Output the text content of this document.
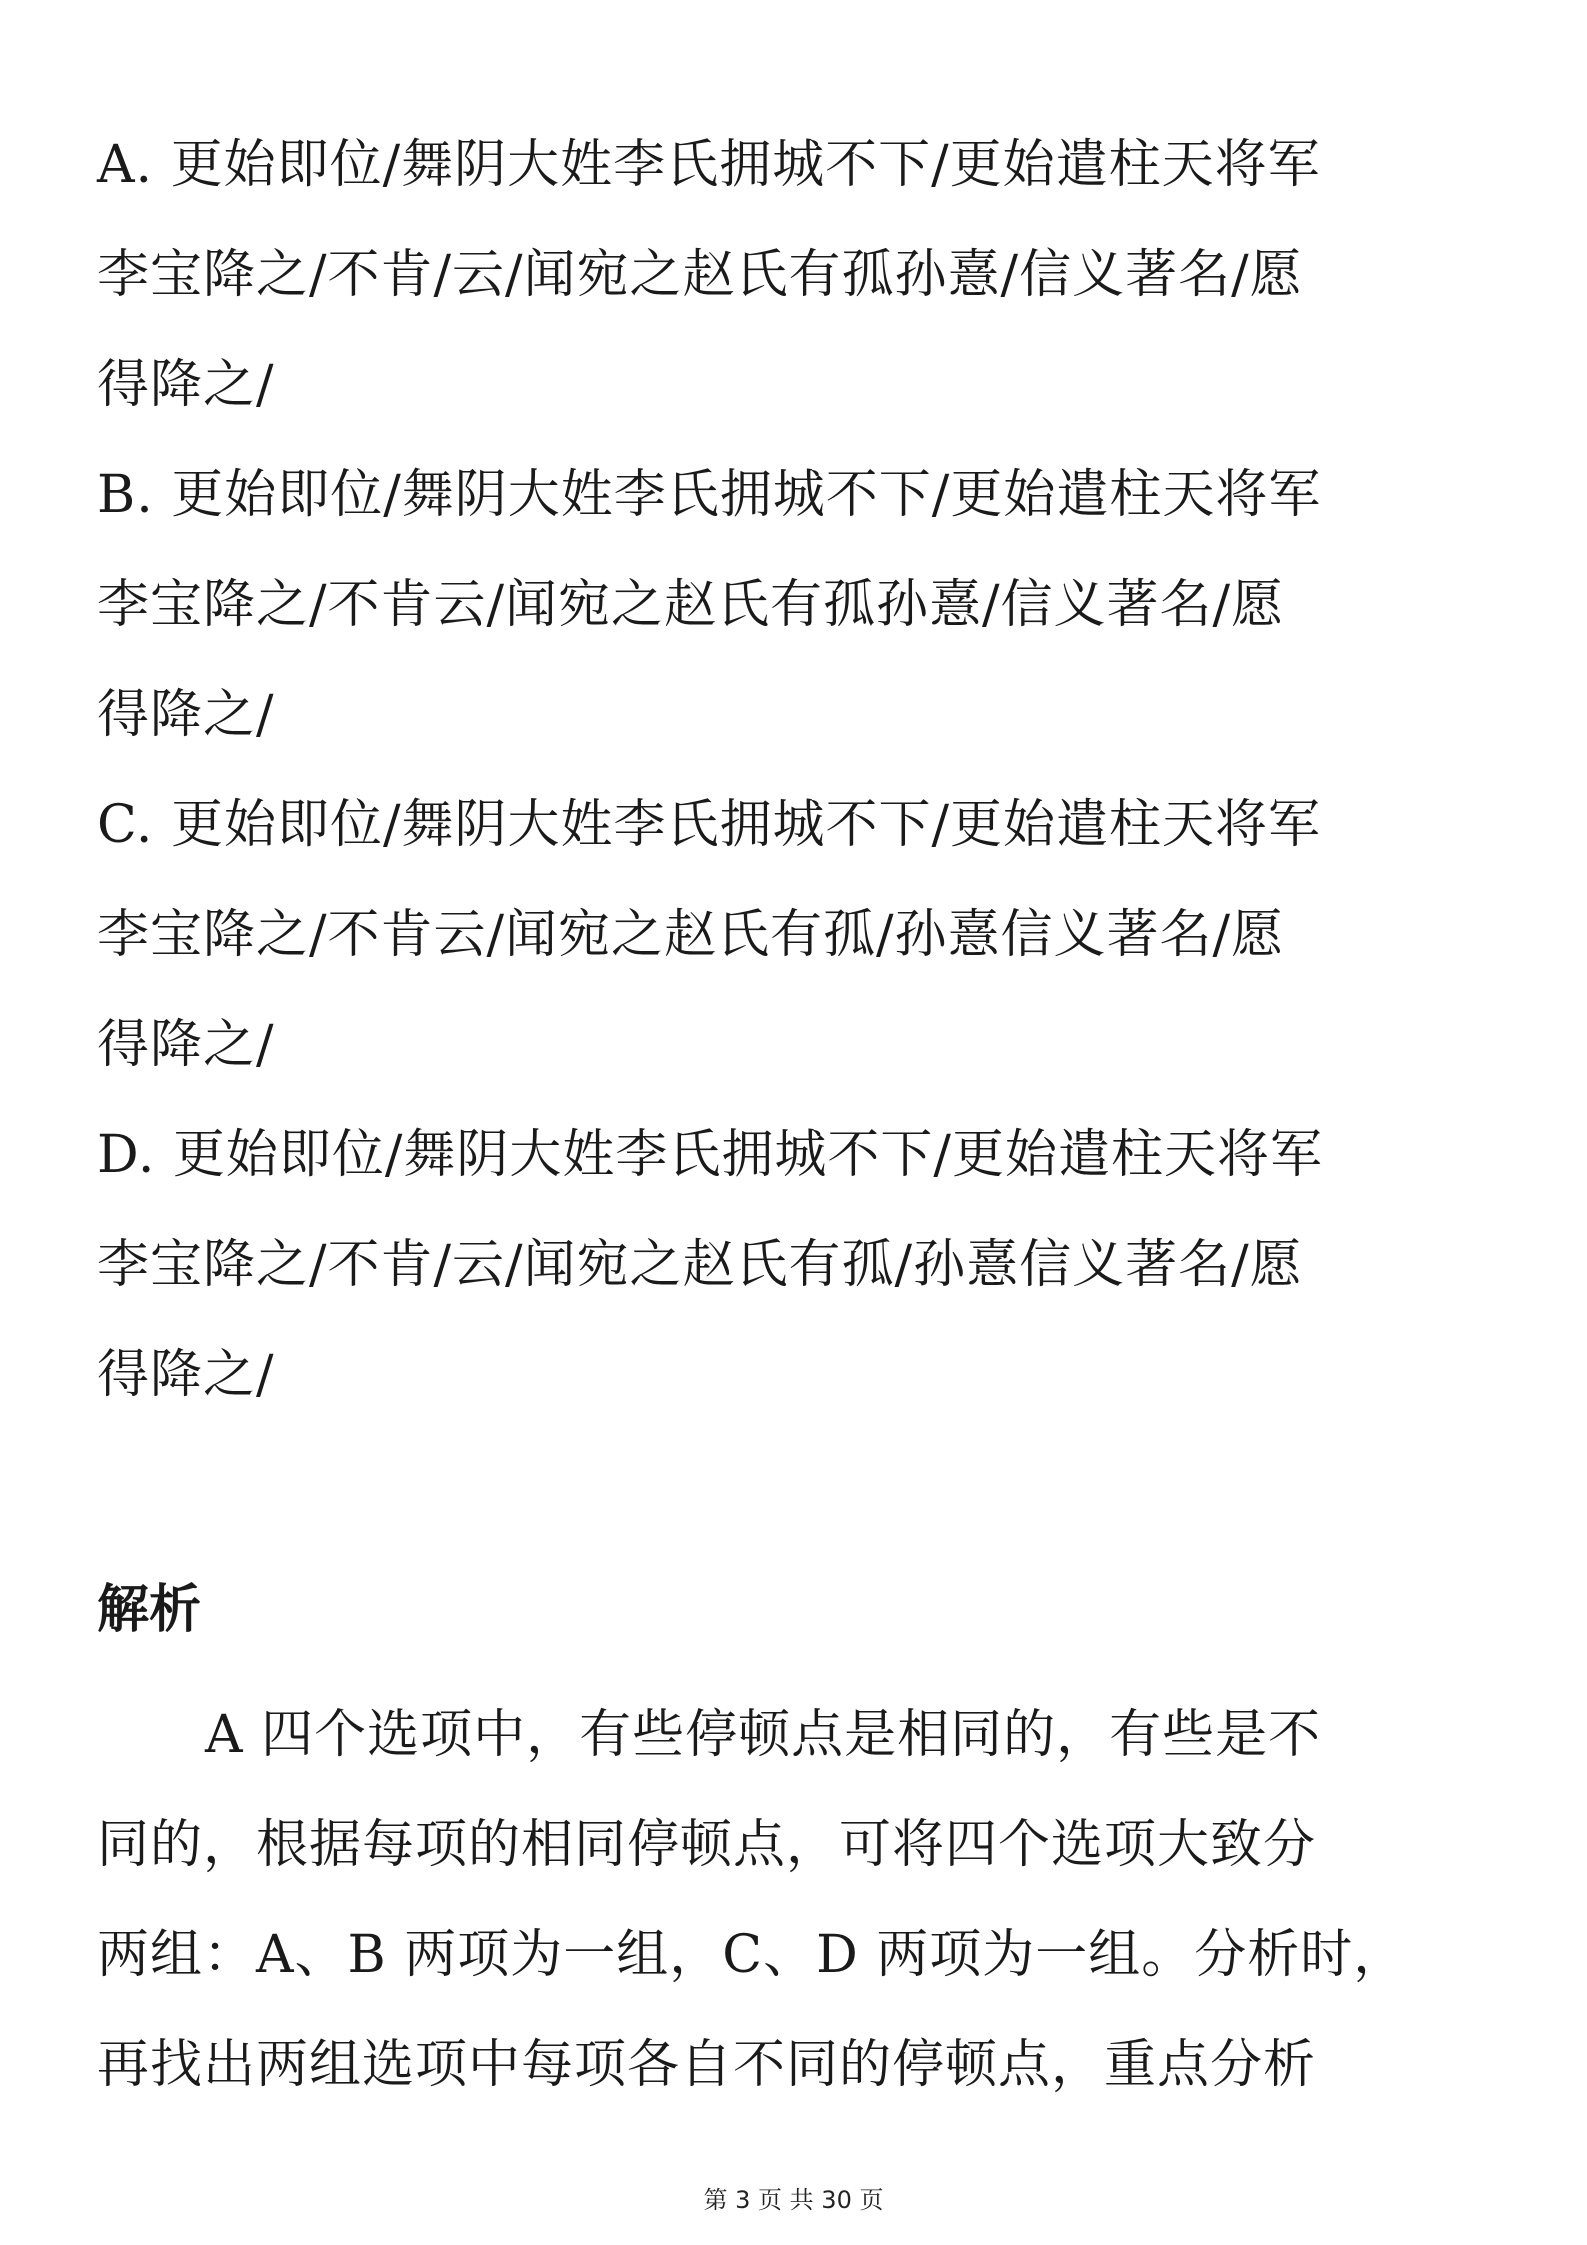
A. 更始即位/舞阴大姓李氏拥城不下/更始遣柱天将军
李宝降之/不肯/云/闻宛之赵氏有孤孙憙/信义著名/愿
得降之/
B. 更始即位/舞阴大姓李氏拥城不下/更始遣柱天将军
李宝降之/不肯云/闻宛之赵氏有孤孙憙/信义著名/愿
得降之/
C. 更始即位/舞阴大姓李氏拥城不下/更始遣柱天将军
李宝降之/不肯云/闻宛之赵氏有孤/孙憙信义著名/愿
得降之/
D. 更始即位/舞阴大姓李氏拥城不下/更始遣柱天将军
李宝降之/不肯/云/闻宛之赵氏有孤/孙憙信义著名/愿
得降之/
解析
A 四个选项中，有些停顿点是相同的，有些是不
同的，根据每项的相同停顿点，可将四个选项大致分
两组：A、B 两项为一组，C、D 两项为一组。分析时，
再找出两组选项中每项各自不同的停顿点，重点分析
第 3 页 共 30 页
